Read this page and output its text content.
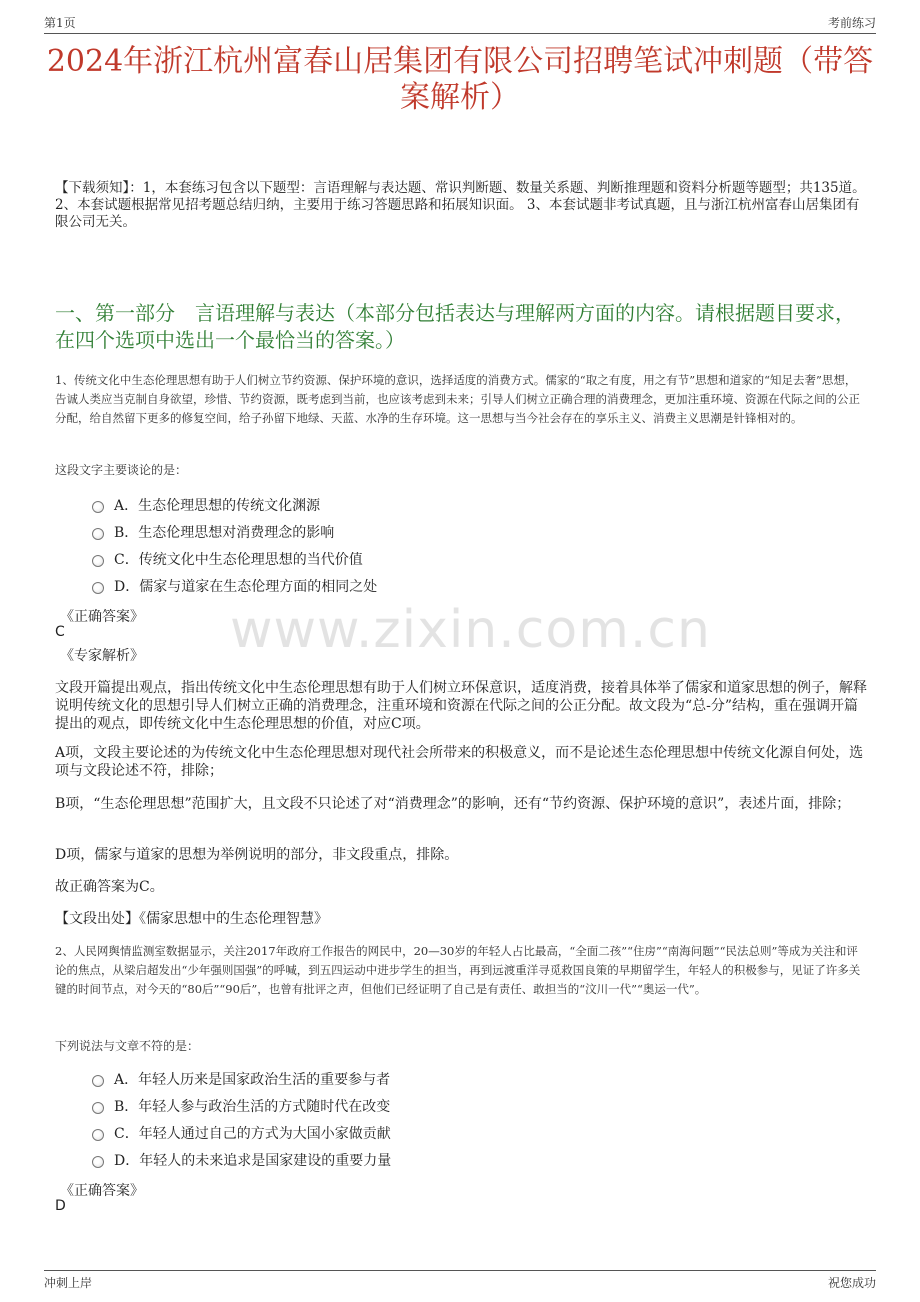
第1页	考前练习
2024年浙江杭州富春山居集团有限公司招聘笔试冲刺题（带答案解析）
【下载须知】：1，本套练习包含以下题型：言语理解与表达题、常识判断题、数量关系题、判断推理题和资料分析题等题型；共135道。 2、本套试题根据常见招考题总结归纳，主要用于练习答题思路和拓展知识面。 3、本套试题非考试真题，且与浙江杭州富春山居集团有限公司无关。
一、第一部分　言语理解与表达（本部分包括表达与理解两方面的内容。请根据题目要求，在四个选项中选出一个最恰当的答案。）
www.zixin.com.cn
1、传统文化中生态伦理思想有助于人们树立节约资源、保护环境的意识，选择适度的消费方式。儒家的“取之有度，用之有节”思想和道家的“知足去奢”思想，告诚人类应当克制自身欲望，珍惜、节约资源，既考虑到当前，也应该考虑到未来；引导人们树立正确合理的消费理念，更加注重环境、资源在代际之间的公正分配，给自然留下更多的修复空间，给子孙留下地绿、天蓝、水净的生存环境。这一思想与当今社会存在的享乐主义、消费主义思潮是针锋相对的。
这段文字主要谈论的是：
A．生态伦理思想的传统文化渊源
B．生态伦理思想对消费理念的影响
C．传统文化中生态伦理思想的当代价值
D．儒家与道家在生态伦理方面的相同之处
《正确答案》
C
《专家解析》
文段开篇提出观点，指出传统文化中生态伦理思想有助于人们树立环保意识，适度消费，接着具体举了儒家和道家思想的例子，解释说明传统文化的思想引导人们树立正确的消费理念，注重环境和资源在代际之间的公正分配。故文段为“总-分”结构，重在强调开篇提出的观点，即传统文化中生态伦理思想的价值，对应C项。
A项，文段主要论述的为传统文化中生态伦理思想对现代社会所带来的积极意义，而不是论述生态伦理思想中传统文化源自何处，选项与文段论述不符，排除；
B项，“生态伦理思想”范围扩大，且文段不只论述了对“消费理念”的影响，还有“节约资源、保护环境的意识”，表述片面，排除；
D项，儒家与道家的思想为举例说明的部分，非文段重点，排除。
故正确答案为C。
【文段出处】《儒家思想中的生态伦理智慧》
2、人民网舆情监测室数据显示，关注2017年政府工作报告的网民中，20—30岁的年轻人占比最高，“全面二孩”“住房”“南海问题”“民法总则”等成为关注和评论的焦点，从梁启超发出“少年强则国强”的呼喊，到五四运动中进步学生的担当，再到远渡重洋寻觅救国良策的早期留学生，年轻人的积极参与，见证了许多关键的时间节点，对今天的“80后”“90后”，也曾有批评之声，但他们已经证明了自己是有责任、敢担当的“汶川一代”“奥运一代”。
下列说法与文章不符的是：
A．年轻人历来是国家政治生活的重要参与者
B．年轻人参与政治生活的方式随时代在改变
C．年轻人通过自己的方式为大国小家做贡献
D．年轻人的未来追求是国家建设的重要力量
《正确答案》
D
冲刺上岸	祝您成功
